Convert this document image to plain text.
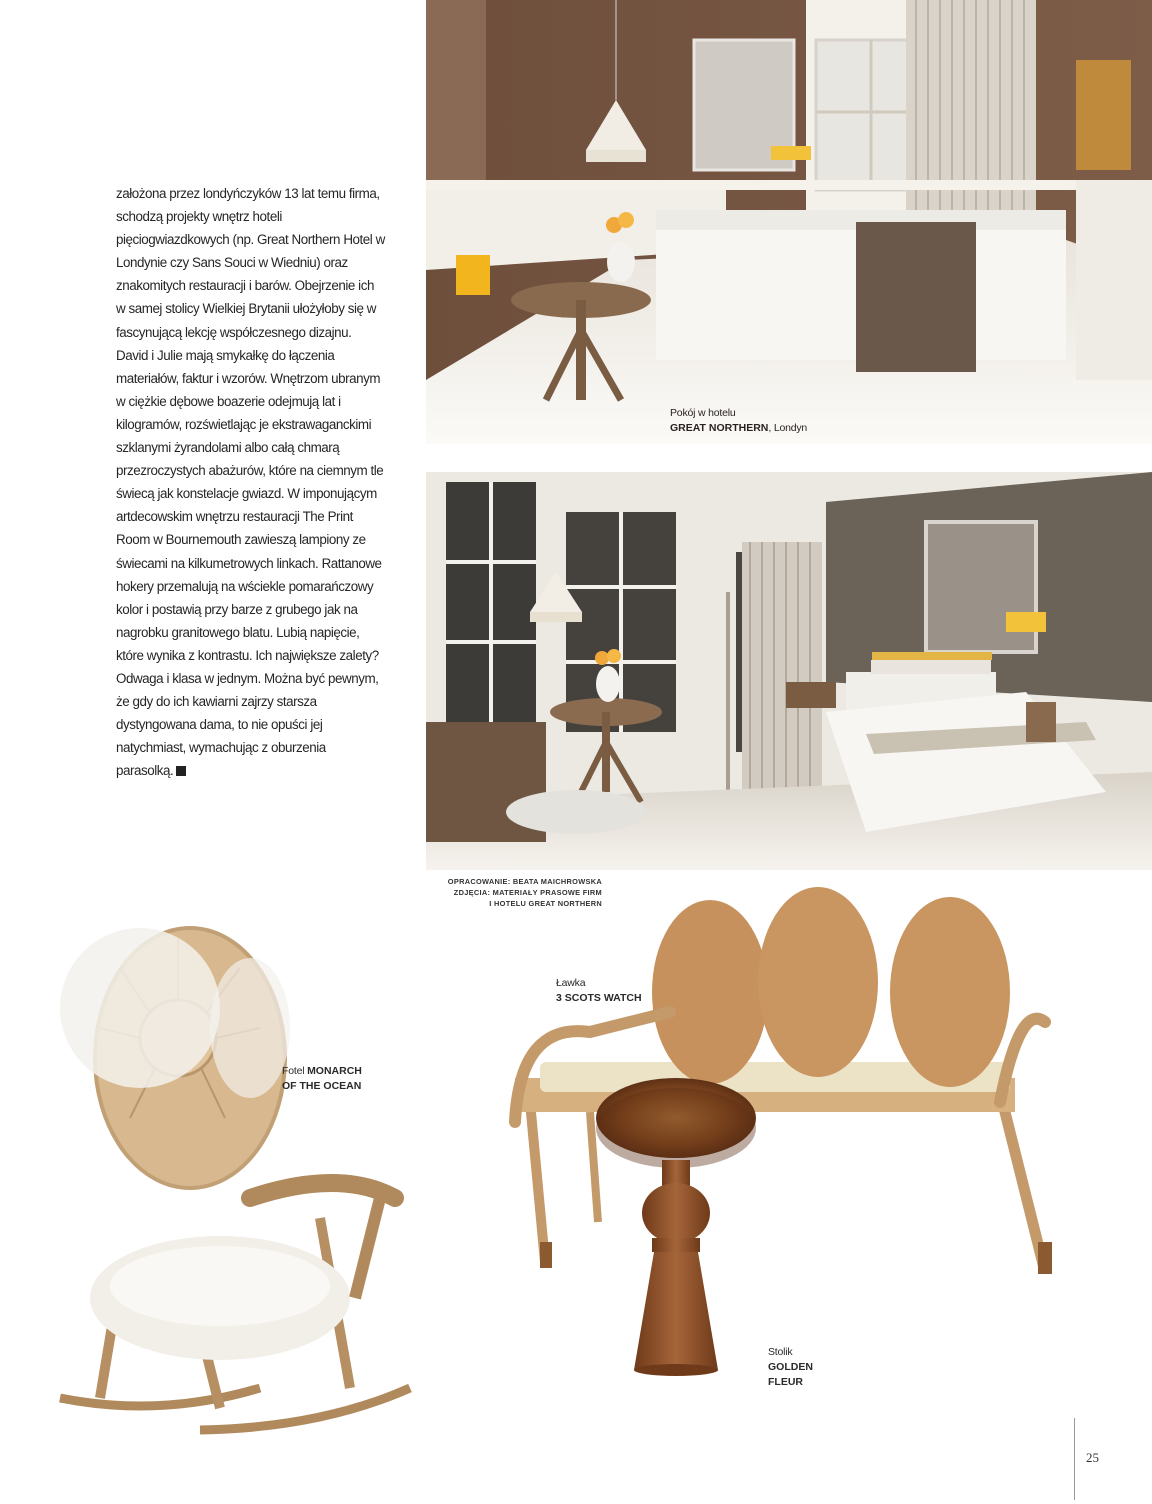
założona przez londyńczyków 13 lat temu firma, schodzą projekty wnętrz hoteli pięciogwiazdkowych (np. Great Northern Hotel w Londynie czy Sans Souci w Wiedniu) oraz znakomitych restauracji i barów. Obejrzenie ich w samej stolicy Wielkiej Brytanii ułożyłoby się w fascynującą lekcję współczesnego dizajnu. David i Julie mają smykałkę do łączenia materiałów, faktur i wzorów. Wnętrzom ubranym w ciężkie dębowe boazerie odejmują lat i kilogramów, rozświetlając je ekstrawaganckimi szklanymi żyrandolami albo całą chmarą przezroczystych abażurów, które na ciemnym tle świecą jak konstelacje gwiazd. W imponującym artdecowskim wnętrzu restauracji The Print Room w Bournemouth zawieszą lampiony ze świecami na kilkumetrowych linkach. Rattanowe hokery przemalują na wściekle pomarańczowy kolor i postawią przy barze z grubego jak na nagrobku granitowego blatu. Lubią napięcie, które wynika z kontrastu. Ich największe zalety? Odwaga i klasa w jednym. Można być pewnym, że gdy do ich kawiarni zajrzy starsza dystyngowana dama, to nie opuści jej natychmiast, wymachując z oburzenia parasolką.

Pokój w hotelu
GREAT NORTHERN, Londyn
OPRACOWANIE: BEATA MAICHROWSKA
ZDJĘCIA: MATERIAŁY PRASOWE FIRM
I HOTELU GREAT NORTHERN
Fotel MONARCH
OF THE OCEAN
Ławka
3 SCOTS WATCH
Stolik
GOLDEN
FLEUR
25
